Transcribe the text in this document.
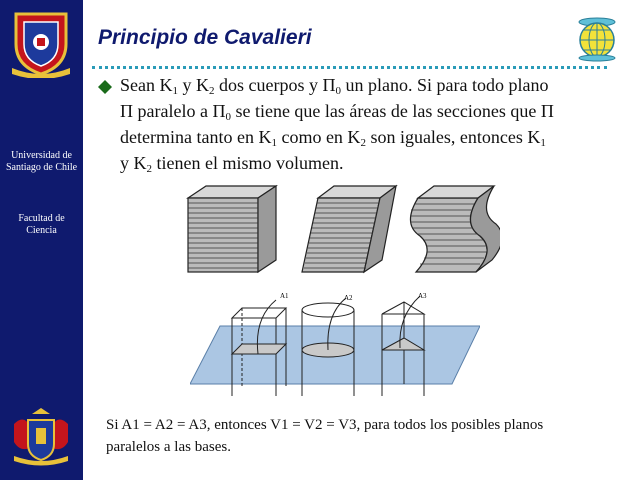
Universidad de Santiago de Chile
Facultad de Ciencia
Principio de Cavalieri
Sean $K_1$ y $K_2$ dos cuerpos y $\Pi_0$ un plano. Si para todo plano
Π paralelo a $\Pi_0$ se tiene que las áreas de las secciones que Π
determina tanto en $K_1$ como en $K_2$ son iguales, entonces $K_1$
y $K_2$ tienen el mismo volumen.
A1	A2	A3
Si A1 = A2 = A3, entonces V1 = V2 = V3, para todos los posibles planos
paralelos a las bases.
